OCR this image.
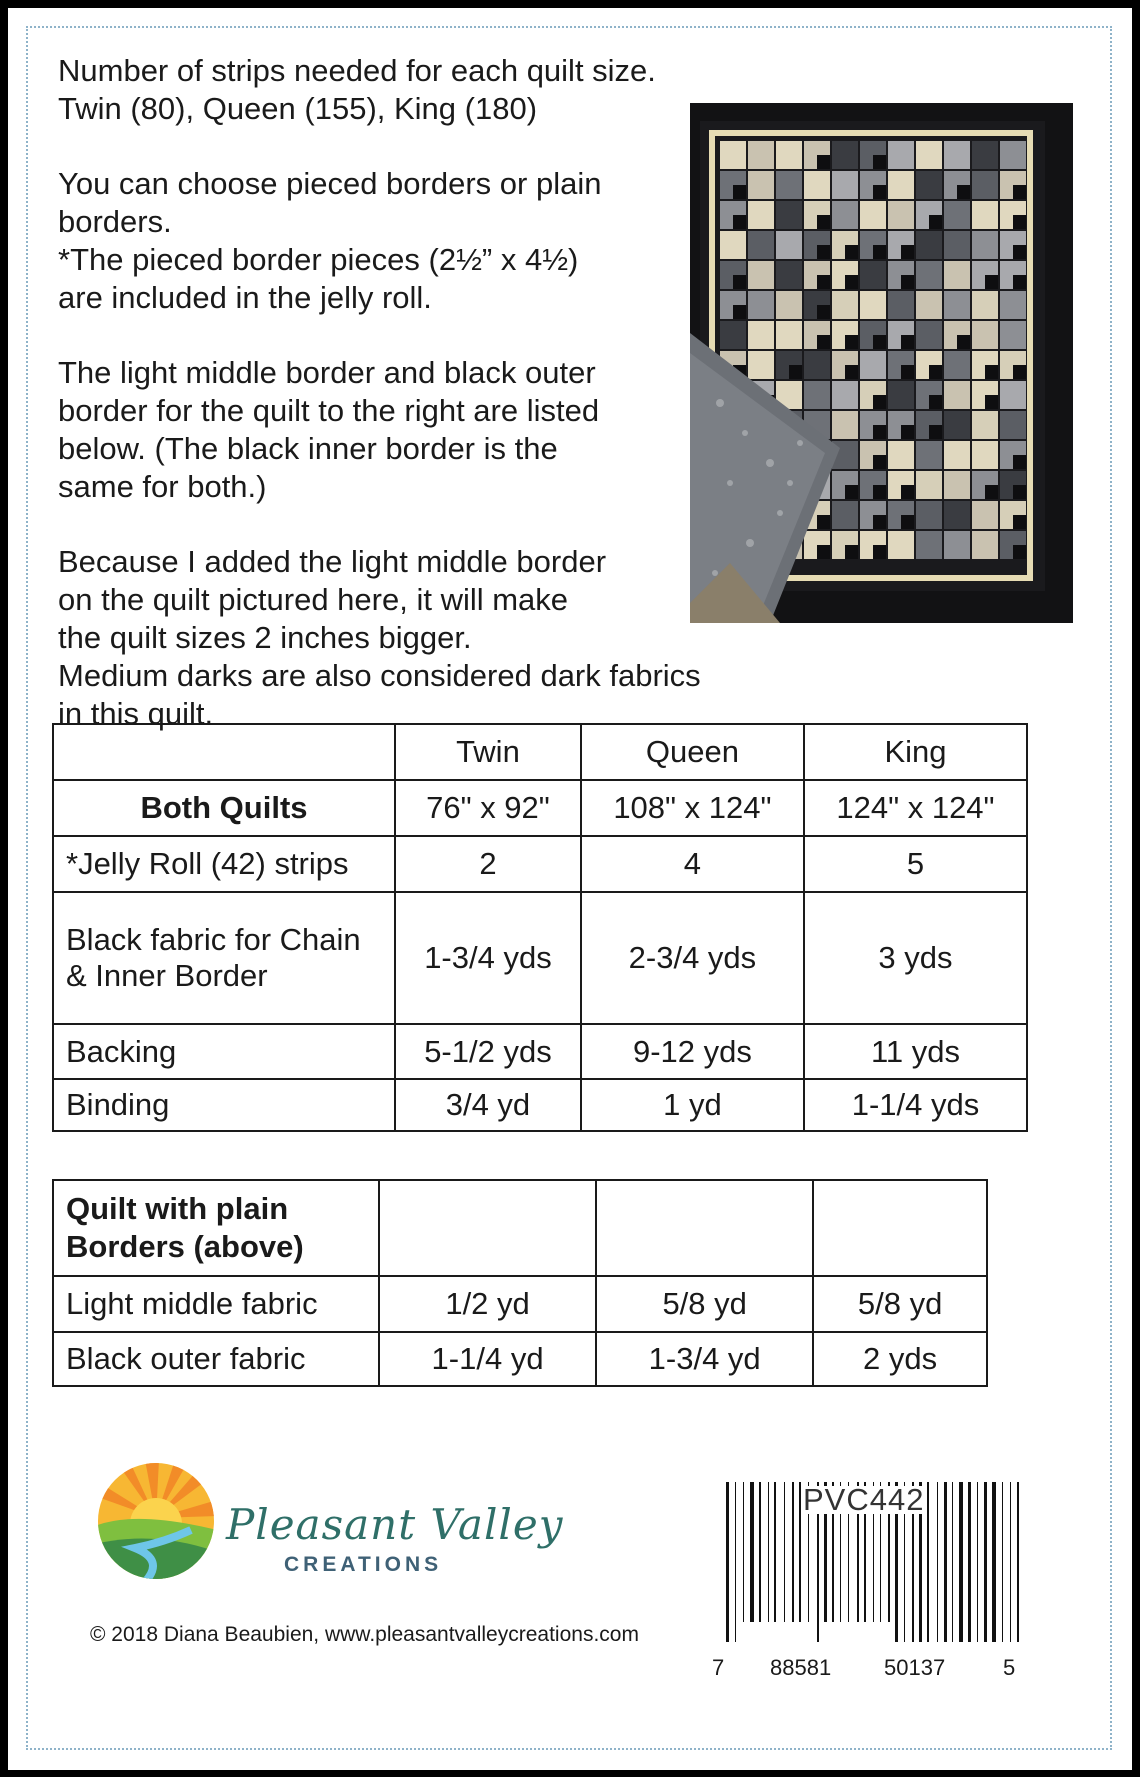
Number of strips needed for each quilt size.
Twin (80), Queen (155), King (180)

You can choose pieced borders or plain
borders.
*The pieced border pieces (2½” x 4½)
are included in the jelly roll.

The light middle border and black outer
border for the quilt to the right are listed
below. (The black inner border is the
same for both.)

Because I added the light middle border
on the quilt pictured here, it will make
the quilt sizes 2 inches bigger.
Medium darks are also considered dark fabrics in this quilt.

	Twin	Queen	King
Both Quilts	76" x 92"	108" x 124"	124" x 124"
*Jelly Roll (42) strips	2	4	5
Black fabric for Chain & Inner Border	1-3/4 yds	2-3/4 yds	3 yds
Backing	5-1/2 yds	9-12 yds	11 yds
Binding	3/4 yd	1 yd	1-1/4 yds
Quilt with plain Borders (above)			
Light middle fabric	1/2 yd	5/8 yd	5/8 yd
Black outer fabric	1-1/4 yd	1-3/4 yd	2 yds
Pleasant Valley
CREATIONS
© 2018 Diana Beaubien, www.pleasantvalleycreations.com
PVC442
7 88581 50137	5
